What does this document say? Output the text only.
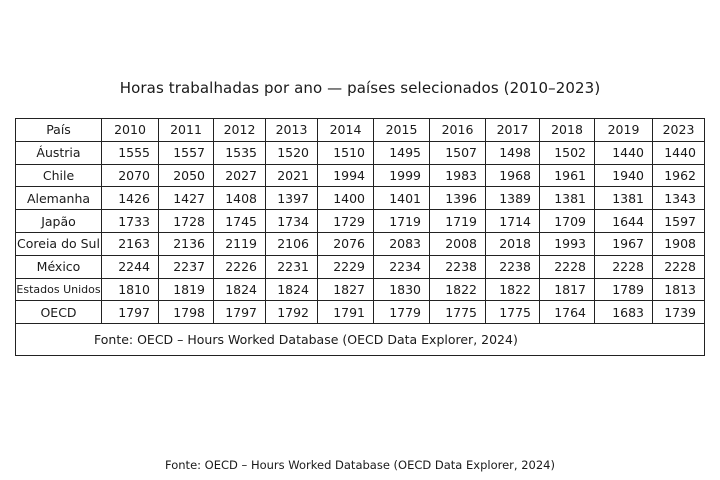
Horas trabalhadas por ano — países selecionados (2010–2023)
País	2010	2011	2012	2013	2014	2015	2016	2017	2018	2019	2023
Áustria	1555	1557	1535	1520	1510	1495	1507	1498	1502	1440	1440
Chile	2070	2050	2027	2021	1994	1999	1983	1968	1961	1940	1962
Alemanha	1426	1427	1408	1397	1400	1401	1396	1389	1381	1381	1343
Japão	1733	1728	1745	1734	1729	1719	1719	1714	1709	1644	1597
Coreia do Sul	2163	2136	2119	2106	2076	2083	2008	2018	1993	1967	1908
México	2244	2237	2226	2231	2229	2234	2238	2238	2228	2228	2228
Estados Unidos	1810	1819	1824	1824	1827	1830	1822	1822	1817	1789	1813
OECD	1797	1798	1797	1792	1791	1779	1775	1775	1764	1683	1739
Fonte: OECD – Hours Worked Database (OECD Data Explorer, 2024)											
Fonte: OECD – Hours Worked Database (OECD Data Explorer, 2024)
